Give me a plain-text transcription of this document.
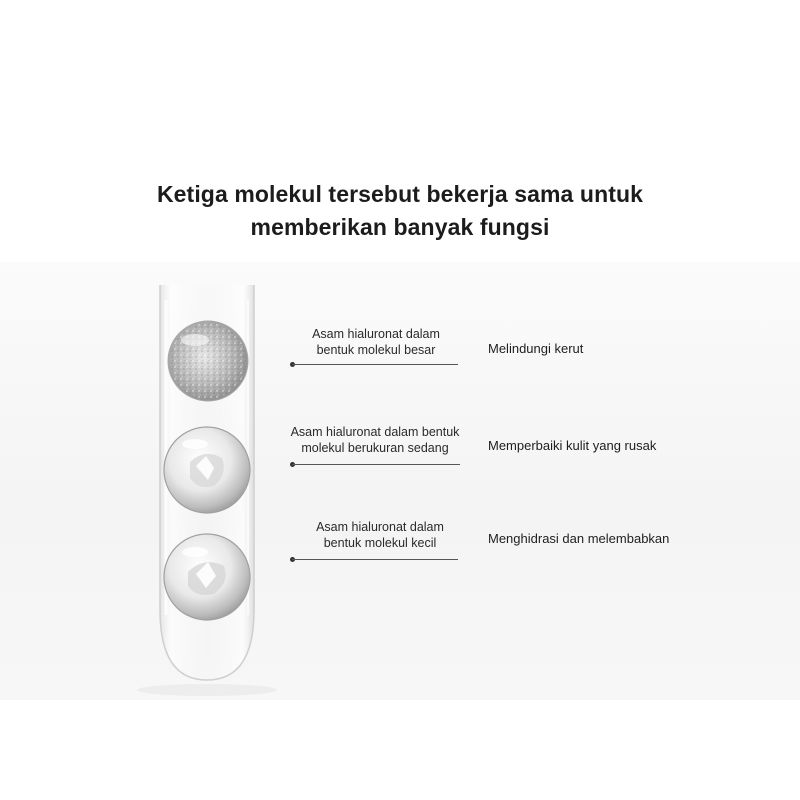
Ketiga molekul tersebut bekerja sama untuk
memberikan banyak fungsi
Asam hialuronat dalam
bentuk molekul besar	Melindungi kerut
Asam hialuronat dalam bentuk
molekul berukuran sedang	Memperbaiki kulit yang rusak
Asam hialuronat dalam
bentuk molekul kecil	Menghidrasi dan melembabkan
